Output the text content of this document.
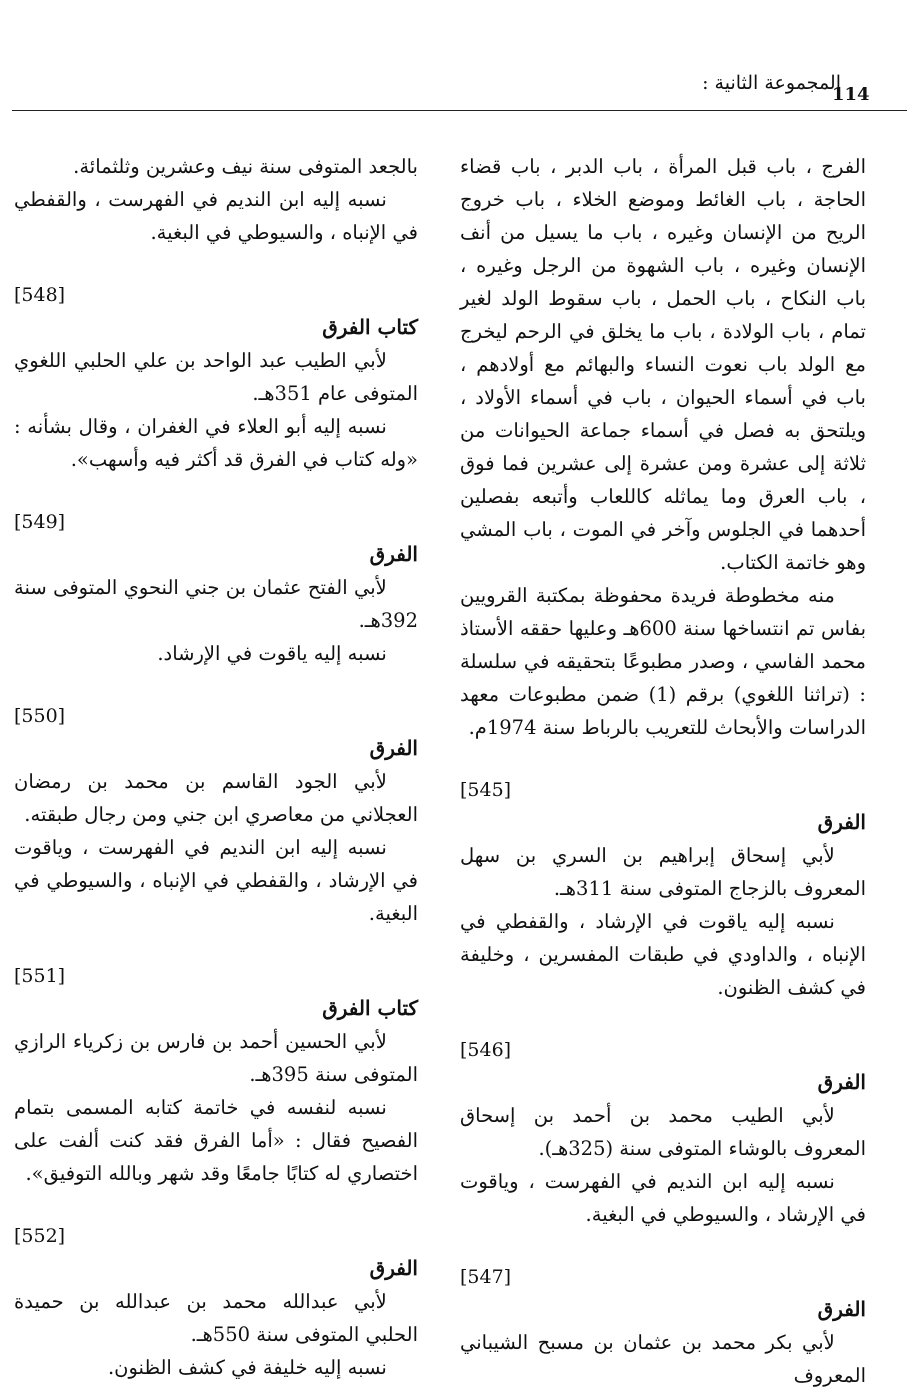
114
المجموعة الثانية :

الفرج ، باب قبل المرأة ، باب الدبر ، باب قضاء الحاجة ، باب الغائط وموضع الخلاء ، باب خروج الريح من الإنسان وغيره ، باب ما يسيل من أنف الإنسان وغيره ، باب الشهوة من الرجل وغيره ، باب النكاح ، باب الحمل ، باب سقوط الولد لغير تمام ، باب الولادة ، باب ما يخلق في الرحم ليخرج مع الولد باب نعوت النساء والبهائم مع أولادهم ، باب في أسماء الحيوان ، باب في أسماء الأولاد ، ويلتحق به فصل في أسماء جماعة الحيوانات من ثلاثة إلى عشرة ومن عشرة إلى عشرين فما فوق ، باب العرق وما يماثله كاللعاب وأتبعه بفصلين أحدهما في الجلوس وآخر في الموت ، باب المشي وهو خاتمة الكتاب.

منه مخطوطة فريدة محفوظة بمكتبة القرويين بفاس تم انتساخها سنة 600هـ وعليها حققه الأستاذ محمد الفاسي ، وصدر مطبوعًا بتحقيقه في سلسلة : (تراثنا اللغوي) برقم (1) ضمن مطبوعات معهد الدراسات والأبحاث للتعريب بالرباط سنة 1974م.

[545]

الفرق

لأبي إسحاق إبراهيم بن السري بن سهل المعروف بالزجاج المتوفى سنة 311هـ.

نسبه إليه ياقوت في الإرشاد ، والقفطي في الإنباه ، والداودي في طبقات المفسرين ، وخليفة في كشف الظنون.

[546]

الفرق

لأبي الطيب محمد بن أحمد بن إسحاق المعروف بالوشاء المتوفى سنة (325هـ).

نسبه إليه ابن النديم في الفهرست ، وياقوت في الإرشاد ، والسيوطي في البغية.

[547]

الفرق

لأبي بكر محمد بن عثمان بن مسبح الشيباني المعروف

بالجعد المتوفى سنة نيف وعشرين وثلثمائة.

نسبه إليه ابن النديم في الفهرست ، والقفطي في الإنباه ، والسيوطي في البغية.

[548]

كتاب الفرق

لأبي الطيب عبد الواحد بن علي الحلبي اللغوي المتوفى عام 351هـ.

نسبه إليه أبو العلاء في الغفران ، وقال بشأنه : «وله كتاب في الفرق قد أكثر فيه وأسهب».

[549]

الفرق

لأبي الفتح عثمان بن جني النحوي المتوفى سنة 392هـ.

نسبه إليه ياقوت في الإرشاد.

[550]

الفرق

لأبي الجود القاسم بن محمد بن رمضان العجلاني من معاصري ابن جني ومن رجال طبقته.

نسبه إليه ابن النديم في الفهرست ، وياقوت في الإرشاد ، والقفطي في الإنباه ، والسيوطي في البغية.

[551]

كتاب الفرق

لأبي الحسين أحمد بن فارس بن زكرياء الرازي المتوفى سنة 395هـ.

نسبه لنفسه في خاتمة كتابه المسمى بتمام الفصيح فقال : «أما الفرق فقد كنت ألفت على اختصاري له كتابًا جامعًا وقد شهر وبالله التوفيق».

[552]

الفرق

لأبي عبدالله محمد بن عبدالله بن حميدة الحلبي المتوفى سنة 550هـ.

نسبه إليه خليفة في كشف الظنون.
